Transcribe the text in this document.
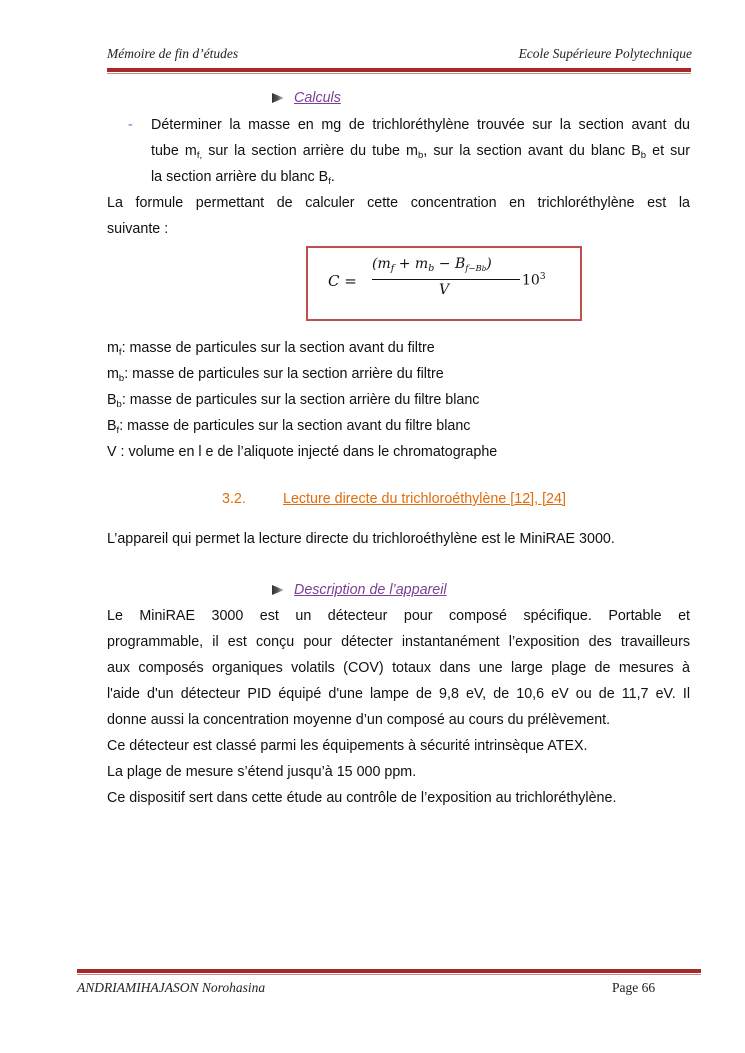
Mémoire de fin d’études	Ecole Supérieure Polytechnique
Calculs
- Déterminer la masse en mg de trichloréthylène trouvée sur la section avant du
tube $m_{f,}$ sur la section arrière du tube $m_b$, sur la section avant du blanc $B_b$ et sur
la section arrière du blanc $B_f$.
La formule permettant de calculer cette concentration en trichloréthylène est la
suivante :
C =
$(m_f + m_b - B_{f-Bb})$
V
$10^3$
$m_f$: masse de particules sur la section avant du filtre
$m_b$: masse de particules sur la section arrière du filtre
$B_b$: masse de particules sur la section arrière du filtre blanc
$B_f$: masse de particules sur la section avant du filtre blanc
V : volume en l e de l’aliquote injecté dans le chromatographe
3.2.	Lecture directe du trichloroéthylène [12], [24]
L’appareil qui permet la lecture directe du trichloroéthylène est le MiniRAE 3000.
Description de l’appareil
Le MiniRAE 3000 est un détecteur pour composé spécifique. Portable et
programmable, il est conçu pour détecter instantanément l’exposition des travailleurs
aux composés organiques volatils (COV) totaux dans une large plage de mesures à
l'aide d'un détecteur PID équipé d'une lampe de 9,8 eV, de 10,6 eV ou de 11,7 eV. Il
donne aussi la concentration moyenne d’un composé au cours du prélèvement.
Ce détecteur est classé parmi les équipements à sécurité intrinsèque ATEX.
La plage de mesure s’étend jusqu’à 15 000 ppm.
Ce dispositif sert dans cette étude au contrôle de l’exposition au trichloréthylène.
ANDRIAMIHAJASON Norohasina	Page 66
